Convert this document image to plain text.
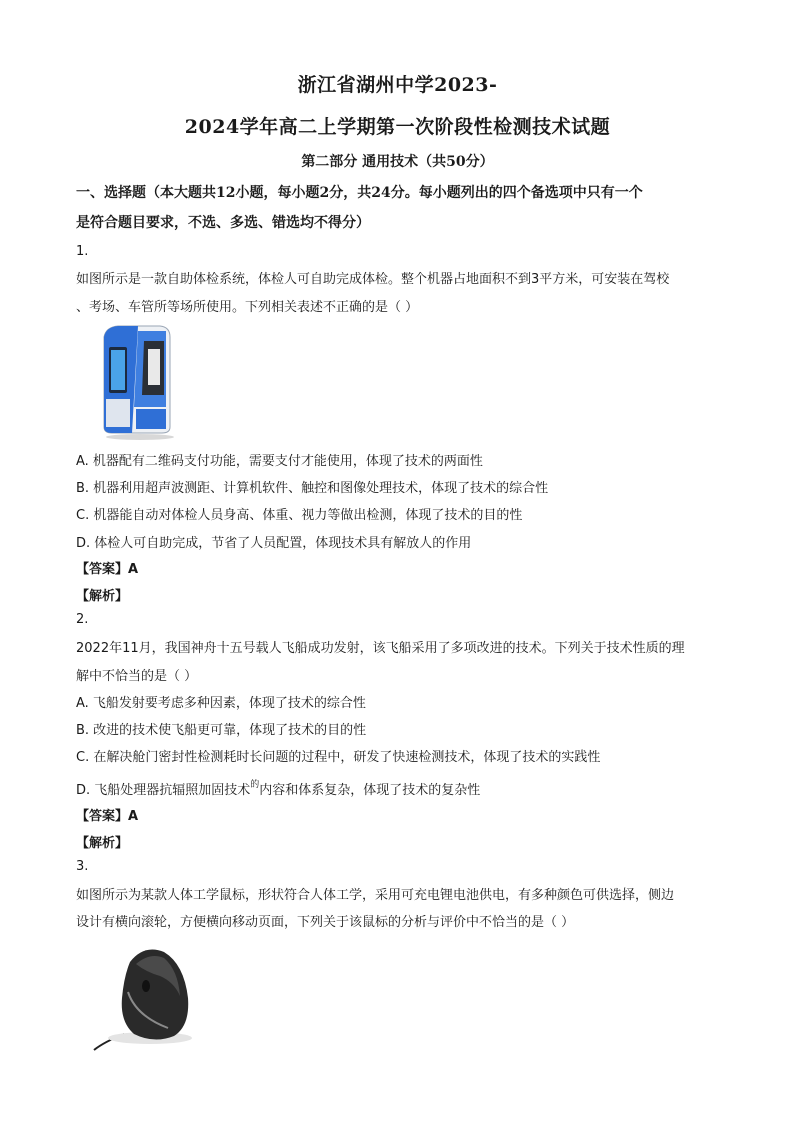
浙江省湖州中学2023-
2024学年高二上学期第一次阶段性检测技术试题
第二部分 通用技术（共50分）
一、选择题（本大题共12小题，每小题2分，共24分。每小题列出的四个备选项中只有一个
是符合题目要求，不选、多选、错选均不得分）
1.
如图所示是一款自助体检系统，体检人可自助完成体检。整个机器占地面积不到3平方米，可安装在驾校
、考场、车管所等场所使用。下列相关表述不正确的是（ ）
A. 机器配有二维码支付功能，需要支付才能使用，体现了技术的两面性
B. 机器利用超声波测距、计算机软件、触控和图像处理技术，体现了技术的综合性
C. 机器能自动对体检人员身高、体重、视力等做出检测，体现了技术的目的性
D. 体检人可自助完成，节省了人员配置，体现技术具有解放人的作用
【答案】A
【解析】
2.
2022年11月，我国神舟十五号载人飞船成功发射，该飞船采用了多项改进的技术。下列关于技术性质的理
解中不恰当的是（ ）
A. 飞船发射要考虑多种因素，体现了技术的综合性
B. 改进的技术使飞船更可靠，体现了技术的目的性
C. 在解决舱门密封性检测耗时长问题的过程中，研发了快速检测技术，体现了技术的实践性
D. 飞船处理器抗辐照加固技术$^的$内容和体系复杂，体现了技术的复杂性
【答案】A
【解析】
3.
如图所示为某款人体工学鼠标，形状符合人体工学，采用可充电锂电池供电，有多种颜色可供选择，侧边
设计有横向滚轮，方便横向移动页面，下列关于该鼠标的分析与评价中不恰当的是（ ）
